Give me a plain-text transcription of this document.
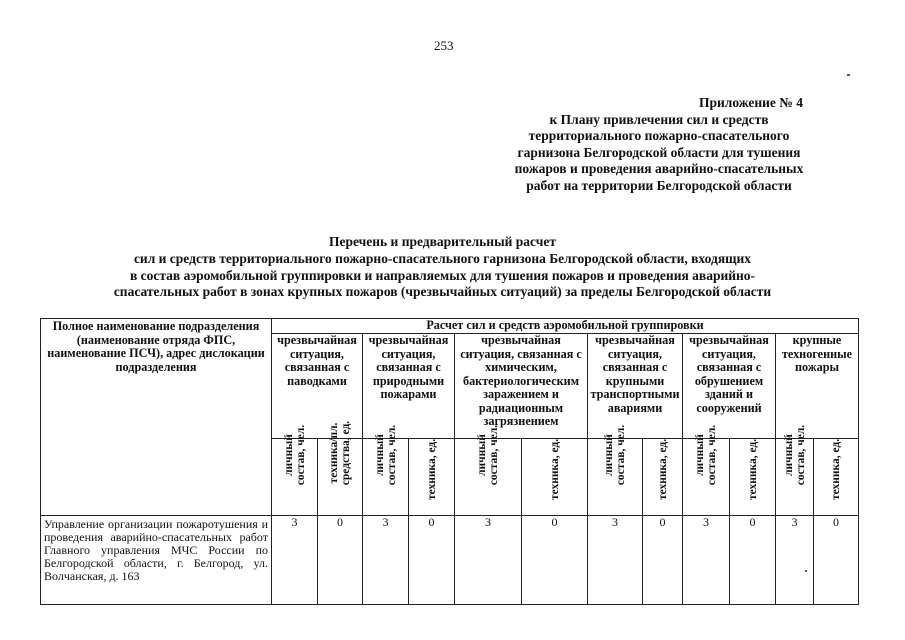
253
Приложение № 4
к Плану привлечения сил и средств
территориального пожарно-спасательного
гарнизона Белгородской области для тушения
пожаров и проведения аварийно-спасательных
работ на территории Белгородской области
Перечень и предварительный расчет
сил и средств территориального пожарно-спасательного гарнизона Белгородской области, входящих
в состав аэромобильной группировки и направляемых для тушения пожаров и проведения аварийно-
спасательных работ в зонах крупных пожаров (чрезвычайных ситуаций) за пределы Белгородской области
Полное наименование подразделения (наименование отряда ФПС, наименование ПСЧ), адрес дислокации подразделения	Расчет сил и средств аэромобильной группировки											
	чрезвычайная ситуация, связанная с паводками		чрезвычайная ситуация, связанная с природными пожарами		чрезвычайная ситуация, связанная с химическим, бактериологическим заражением и радиационным загрязнением		чрезвычайная ситуация, связанная с крупными транспортными авариями		чрезвычайная ситуация, связанная с обрушением зданий и сооружений		крупные техногенные пожары	

	личный состав, чел.	техника/пл. средства, ед.	личный состав, чел.	техника, ед.	личный состав, чел.	техника, ед.	личный состав, чел.	техника, ед.	личный состав, чел.	техника, ед.	личный состав, чел.	техника, ед.

Управление организации пожаротушения и проведения аварийно-спасательных работ Главного управления МЧС России по Белгородской области, г. Белгород, ул. Волчанская, д. 163	3	0	3	0	3	0	3	0	3	0	3	0
